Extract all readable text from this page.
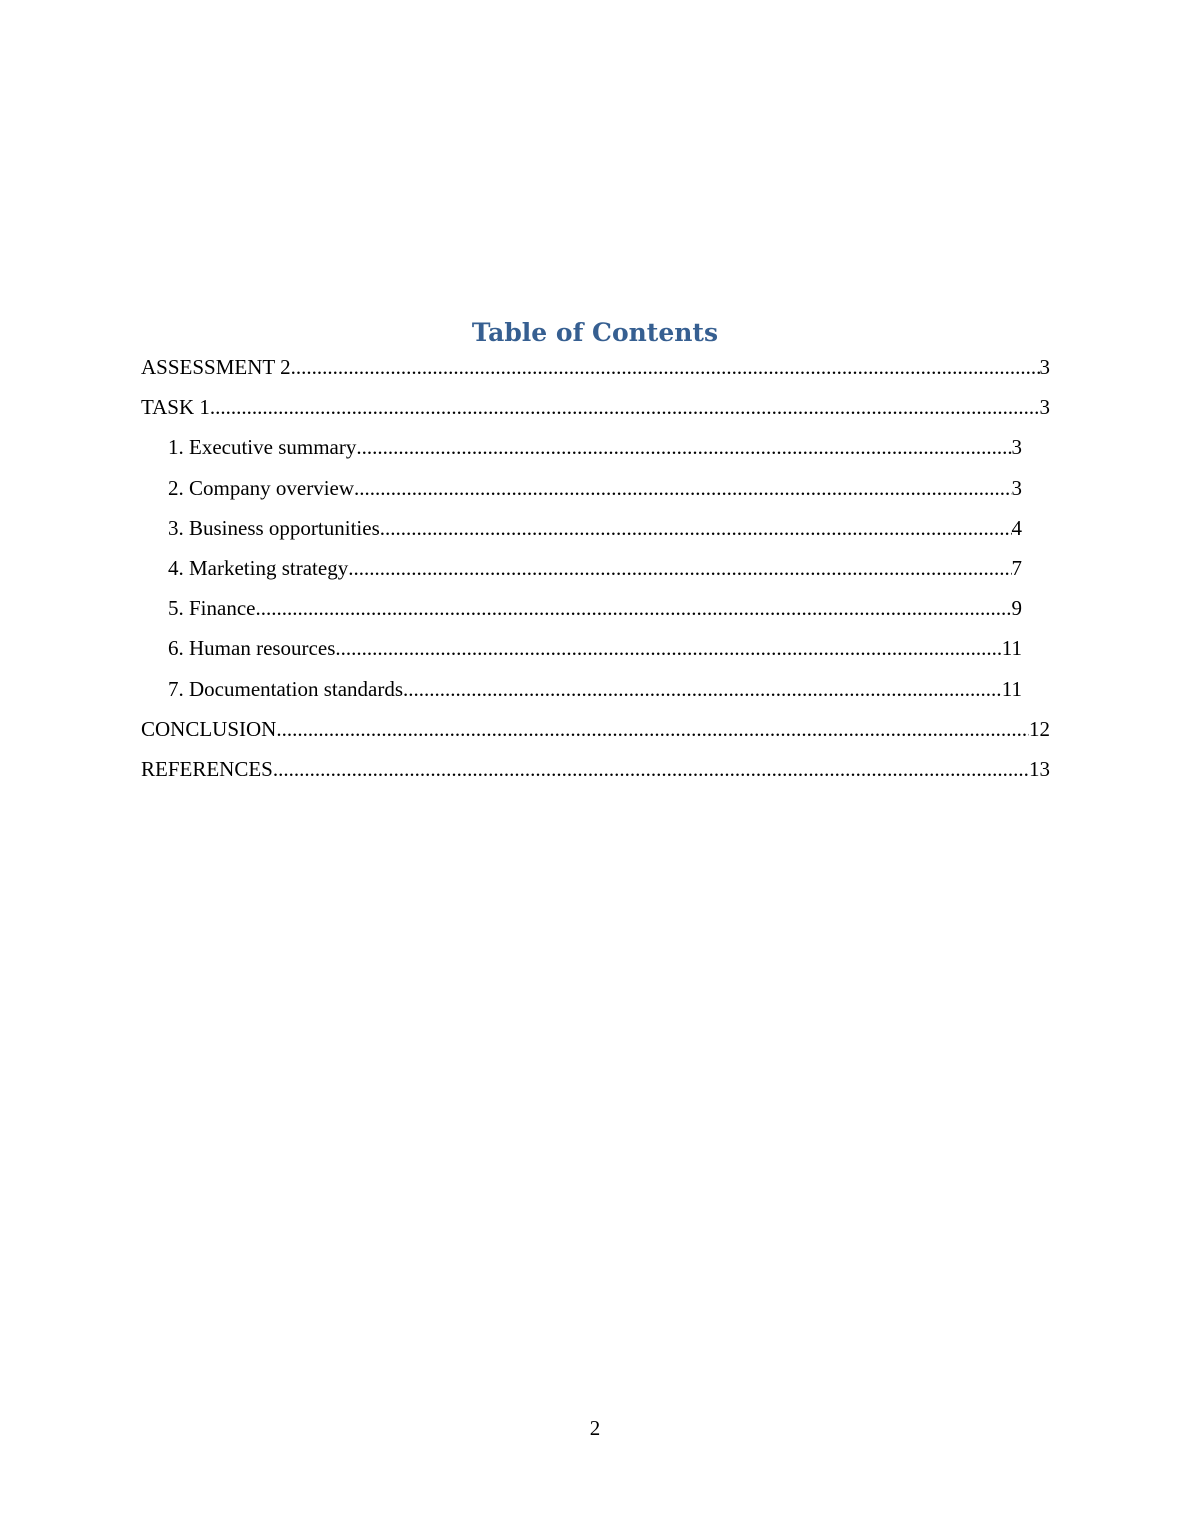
Table of Contents
ASSESSMENT 2 .....	3
TASK 1 .....	3
1. Executive summary .....	3
2. Company overview .....	3
3. Business opportunities .....	4
4. Marketing strategy .....	7
5. Finance .....	9
6. Human resources .....	11
7. Documentation standards .....	11
CONCLUSION .....	12
REFERENCES .....	13
2
